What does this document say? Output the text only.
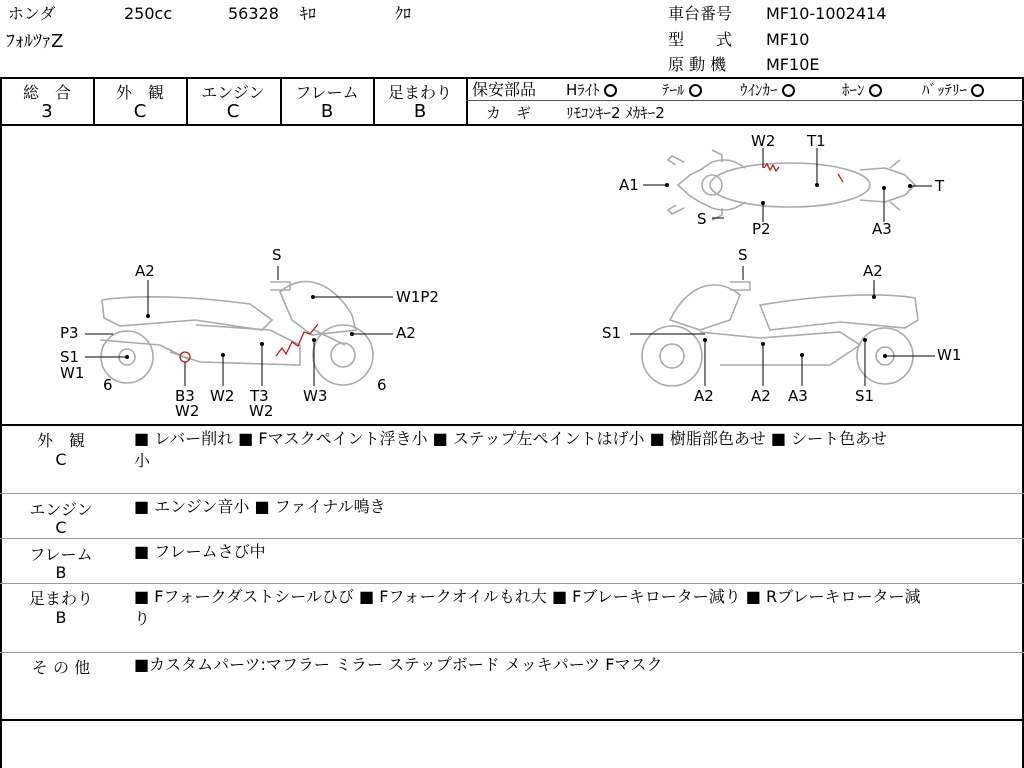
ホンダ	250cc	56328 ｷﾛ	ｸﾛ
ﾌｫﾙﾂｧZ
車台番号 MF10-1002414
型　　式 MF10
原 動 機 MF10E
総　合
3
外　観
C
エンジン
C
フレーム
B
足まわり
B
保安部品 Hﾗｲﾄ	ﾃｰﾙ	ｳｲﾝｶｰ	ﾎｰﾝ	ﾊﾞｯﾃﾘｰ
カ　ギ ﾘﾓｺﾝｷｰ2 ﾒｶｷｰ2
W2 T1
A1	T
S
P2	A3
S
A2
W1P2
P3	A2
S1
W1
6
B3
W2
W2 T3
W2
W3
6
S
A2
S1
W1
A2 A2 A3	S1
外　観
C
■ レバー削れ ■ Fマスクペイント浮き小 ■ ステップ左ペイントはげ小 ■ 樹脂部色あせ ■ シート色あせ
小
エンジン
C
■ エンジン音小 ■ ファイナル鳴き
フレーム
B
■ フレームさび中
足まわり
B
■ Fフォークダストシールひび ■ Fフォークオイルもれ大 ■ Fブレーキローター減り ■ Rブレーキローター減
り
そ の 他	■カスタムパーツ:マフラー ミラー ステップボード メッキパーツ Fマスク
